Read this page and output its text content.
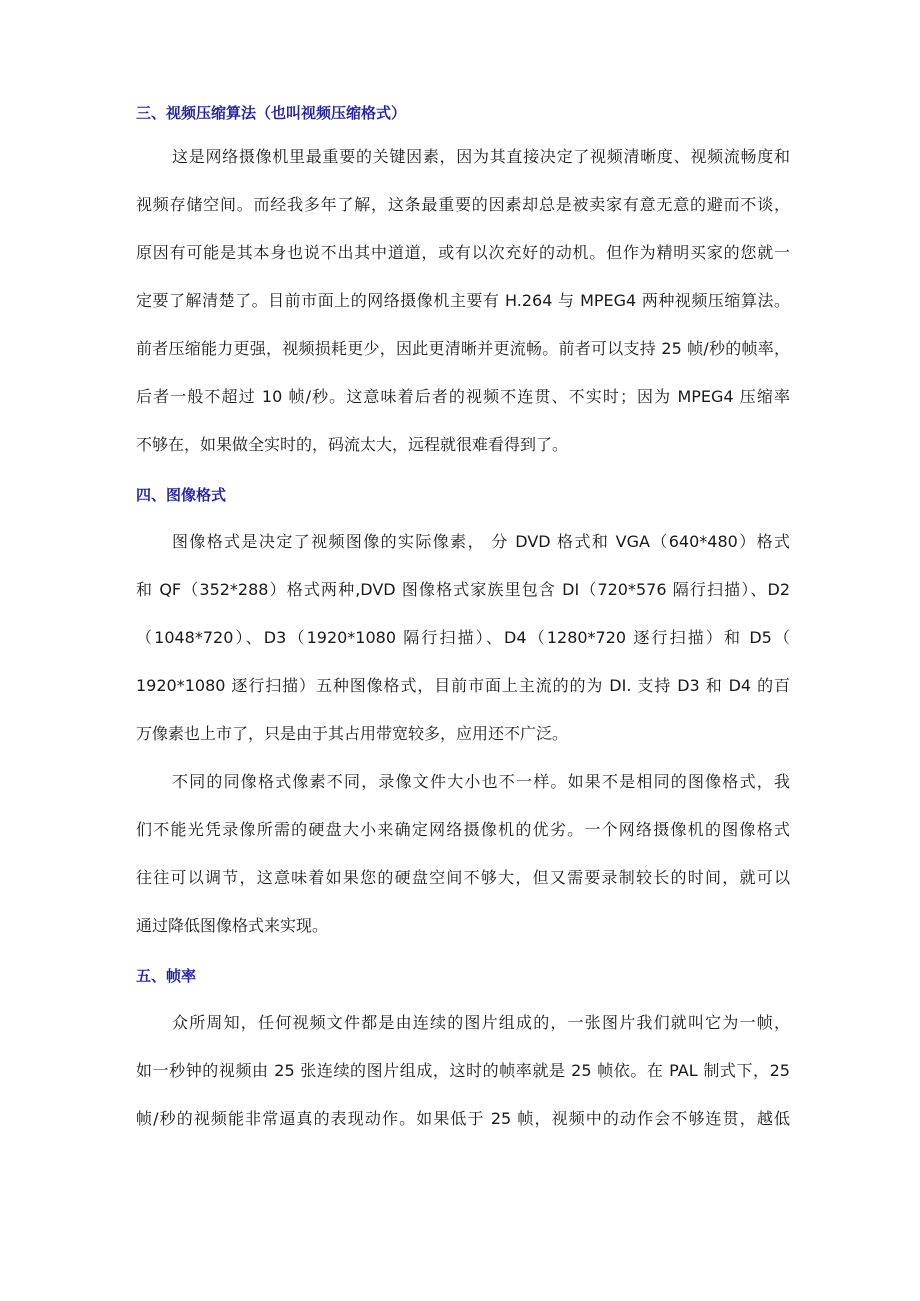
三、视频压缩算法（也叫视频压缩格式）
这是网络摄像机里最重要的关键因素，因为其直接决定了视频清晰度、视频流畅度和
视频存储空间。而经我多年了解，这条最重要的因素却总是被卖家有意无意的避而不谈，
原因有可能是其本身也说不出其中道道，或有以次充好的动机。但作为精明买家的您就一
定要了解清楚了。目前市面上的网络摄像机主要有 H.264 与 MPEG4 两种视频压缩算法。
前者压缩能力更强，视频损耗更少，因此更清晰并更流畅。前者可以支持 25 帧/秒的帧率，
后者一般不超过 10 帧/秒。这意味着后者的视频不连贯、不实时；因为 MPEG4 压缩率
不够在，如果做全实时的，码流太大，远程就很难看得到了。
四、图像格式
图像格式是决定了视频图像的实际像素， 分 DVD 格式和 VGA（640*480）格式
和 QF（352*288）格式两种,DVD 图像格式家族里包含 DI（720*576 隔行扫描）、D2
（1048*720）、D3（1920*1080 隔行扫描）、D4（1280*720 逐行扫描）和 D5（
1920*1080 逐行扫描）五种图像格式，目前市面上主流的的为 DI. 支持 D3 和 D4 的百
万像素也上市了，只是由于其占用带宽较多，应用还不广泛。
不同的同像格式像素不同，录像文件大小也不一样。如果不是相同的图像格式，我
们不能光凭录像所需的硬盘大小来确定网络摄像机的优劣。一个网络摄像机的图像格式
往往可以调节，这意味着如果您的硬盘空间不够大，但又需要录制较长的时间，就可以
通过降低图像格式来实现。
五、帧率
众所周知，任何视频文件都是由连续的图片组成的，一张图片我们就叫它为一帧，
如一秒钟的视频由 25 张连续的图片组成，这时的帧率就是 25 帧依。在 PAL 制式下，25
帧/秒的视频能非常逼真的表现动作。如果低于 25 帧，视频中的动作会不够连贯，越低
